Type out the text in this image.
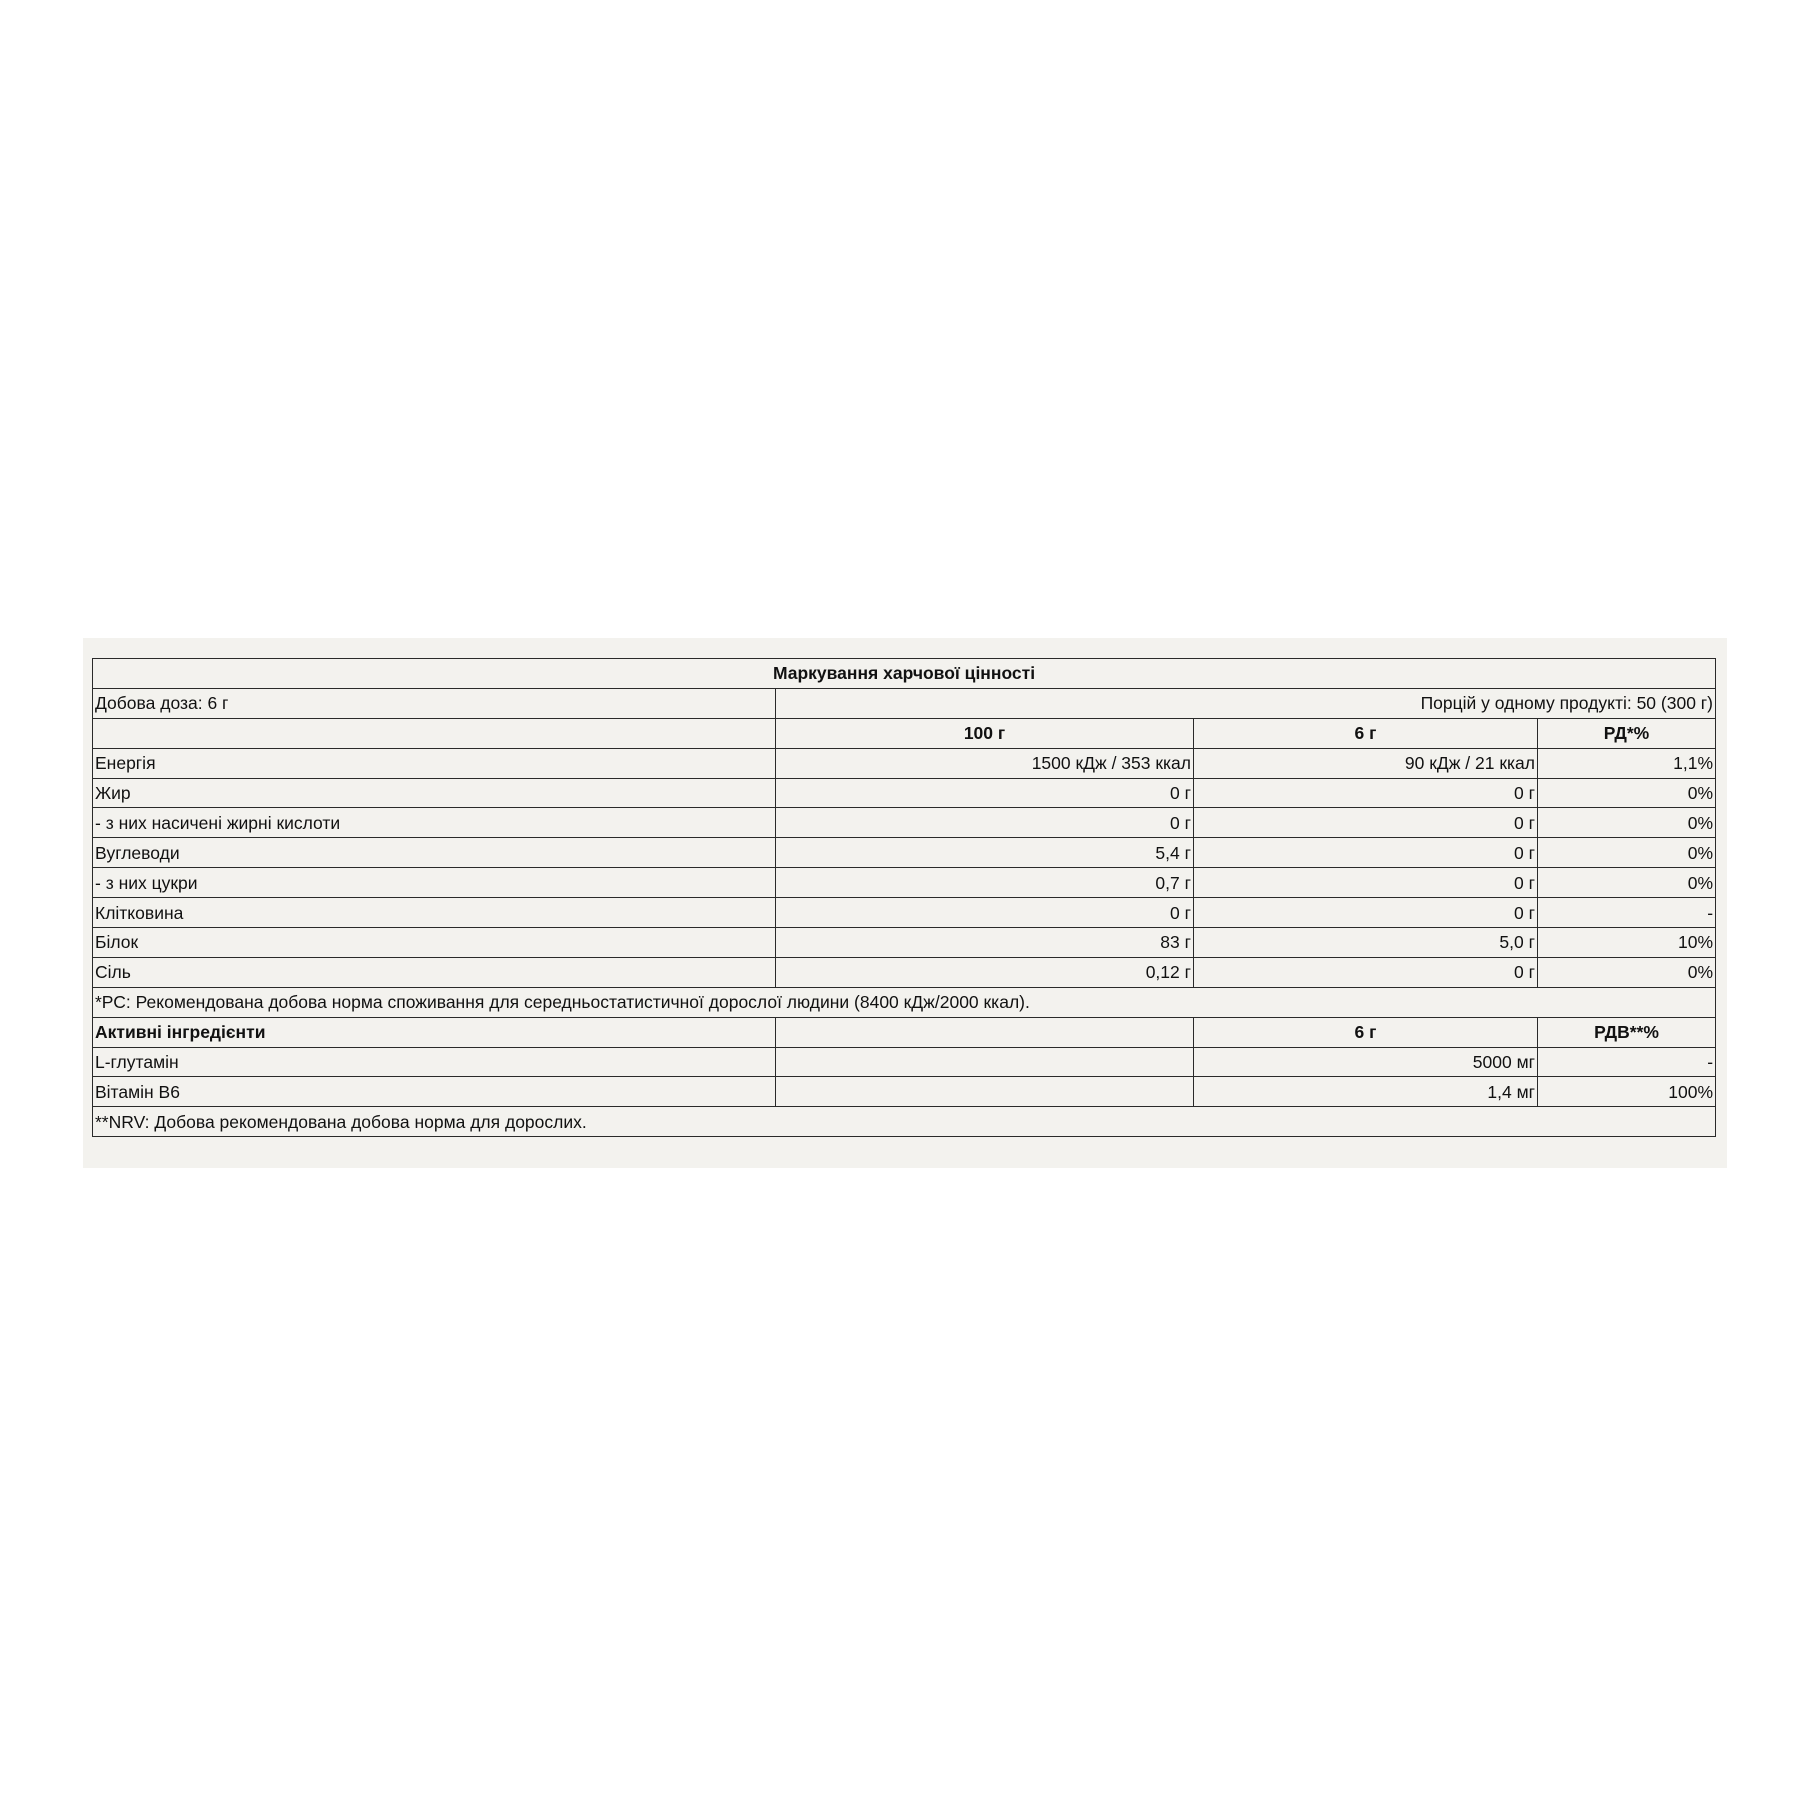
Маркування харчової цінності			
Добова доза: 6 г	Порцій у одному продукті: 50 (300 г)		
	100 г	6 г	РД*%
Енергія	1500 кДж / 353 ккал	90 кДж / 21 ккал	1,1%
Жир	0 г	0 г	0%
- з них насичені жирні кислоти	0 г	0 г	0%
Вуглеводи	5,4 г	0 г	0%
- з них цукри	0,7 г	0 г	0%
Клітковина	0 г	0 г	-
Білок	83 г	5,0 г	10%
Сіль	0,12 г	0 г	0%
*РС: Рекомендована добова норма споживання для середньостатистичної дорослої людини (8400 кДж/2000 ккал).			
Активні інгредієнти		6 г	РДВ**%
L-глутамін		5000 мг	-
Вітамін В6		1,4 мг	100%
**NRV: Добова рекомендована добова норма для дорослих.			
